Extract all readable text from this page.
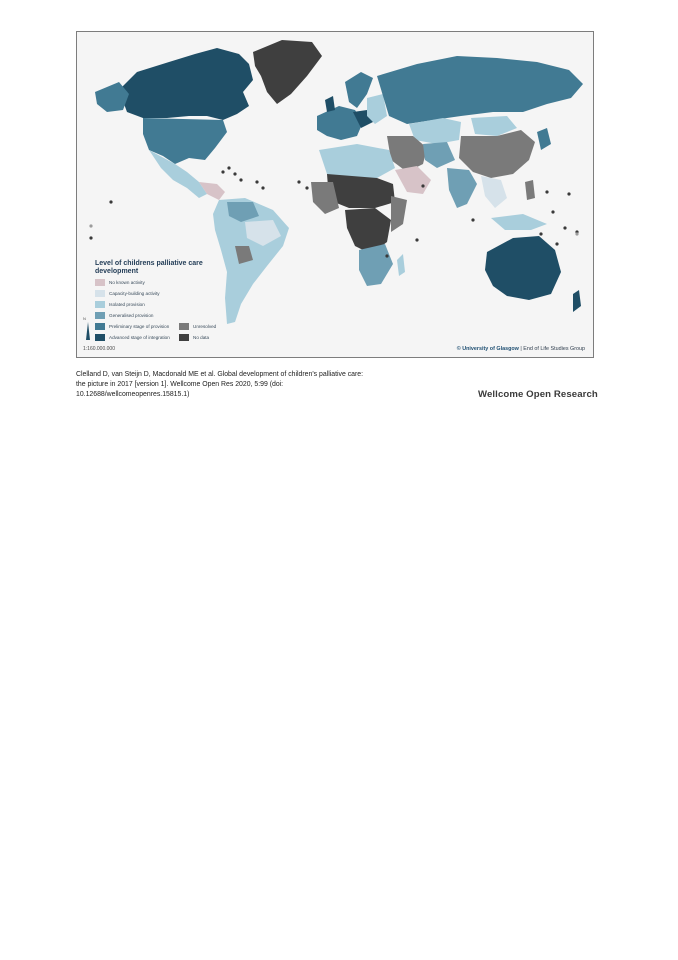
Level of childrens palliative care development
No known activity
Capacity-building activity
Isolated provision
Generalised provision
Preliminary stage of provision
Advanced stage of integration
Unresolved
No data
N
1:160.000.000	© University of Glasgow | End of Life Studies Group
Clelland D, van Steijn D, Macdonald ME et al. Global development of children's palliative care:
the picture in 2017 [version 1]. Wellcome Open Res 2020, 5:99 (doi:
10.12688/wellcomeopenres.15815.1)	Wellcome Open Research
